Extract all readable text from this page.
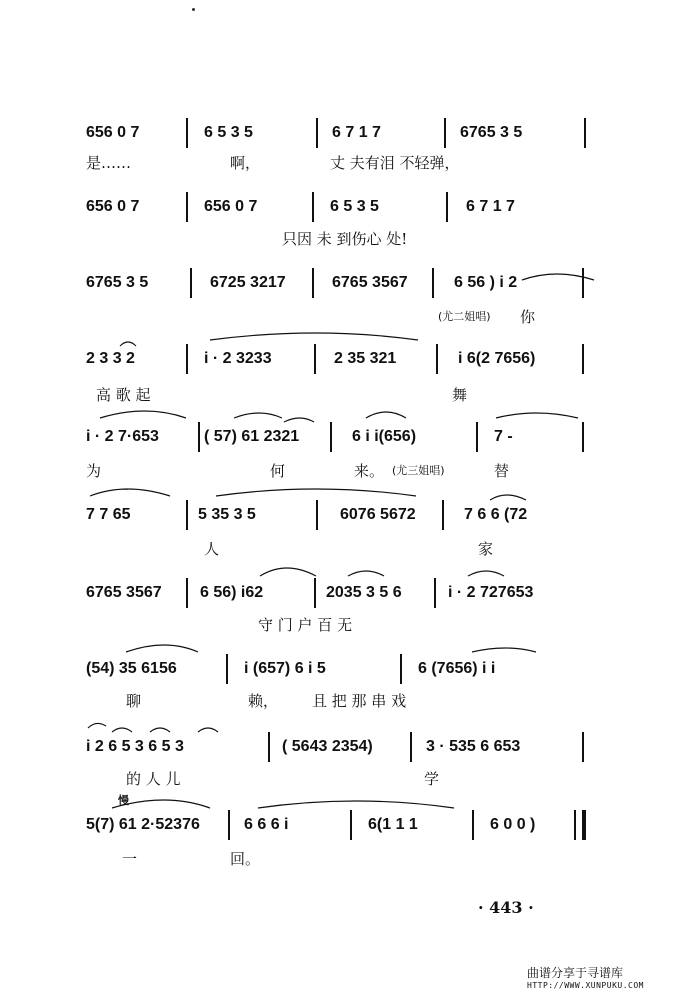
656 0 7	6 5 3 5	6 7 1 7	6765 3 5
是……	啊，	丈 夫有泪 不轻弹，
656 0 7	656 0 7	6 5 3 5	6 7 1 7
只因 未 到伤心 处!
6765 3 5	6725 3217	6765 3567	6 56 ) i 2
(尤二姐唱) 你
2 3 3 2	i · 2 3233	2 35 321	i 6(2 7656)
高 歌 起	舞
i · 2 7·653	( 57) 61 2321	6 i i(656)	7 -
为	何	来。 (尤三姐唱)	替
7 7 65	5 35 3 5	6076 5672	7 6 6 (72
人	家
6765 3567 6 56) i62	2035 3 5 6	i · 2 727653
守 门 户 百 无
(54) 35 6156	i (657) 6 i 5	6 (7656) i i
聊	赖， 且 把 那 串 戏
i 2 6 5 3 6 5 3	( 5643 2354)	3 · 535 6 653
的 人 儿	学
慢
5(7) 61 2·52376	6 6 6 i	6(1 1 1	6 0 0 )
一	回。
· 443 ·
曲谱分享于寻谱库
HTTP://WWW.XUNPUKU.COM
